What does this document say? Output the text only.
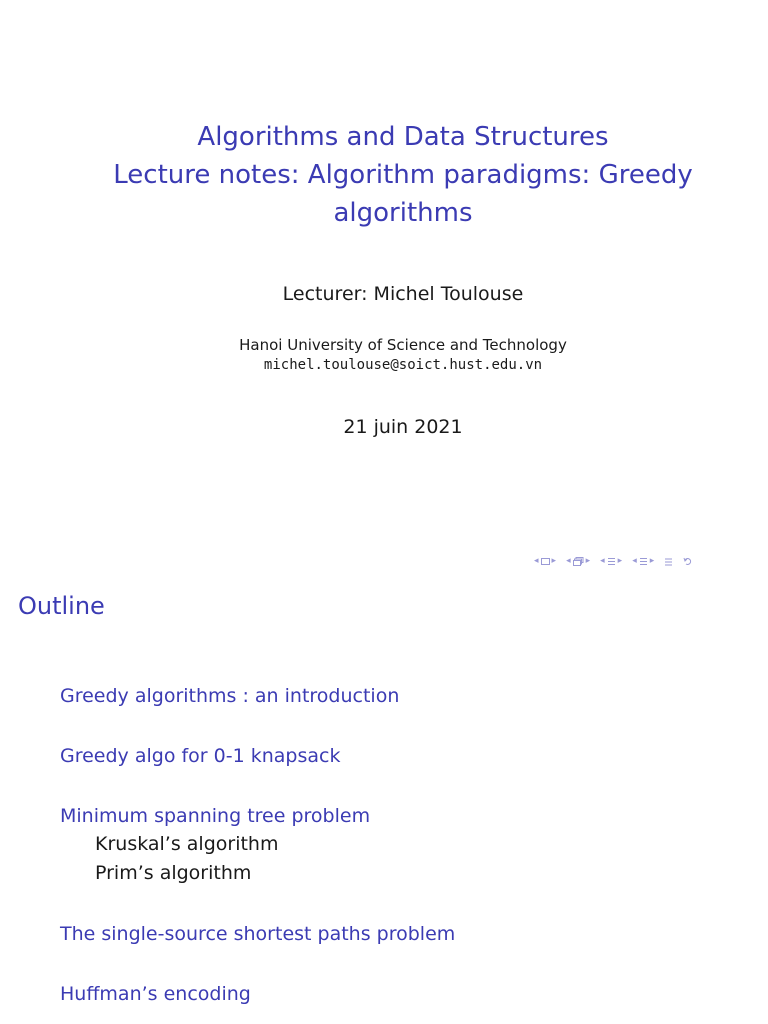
Algorithms and Data Structures
Lecture notes: Algorithm paradigms: Greedy
algorithms
Lecturer: Michel Toulouse
Hanoi University of Science and Technology
michel.toulouse@soict.hust.edu.vn
21 juin 2021
◂ ▸ ◂ ▸ ◂ ▸ ◂ ▸
Outline
Greedy algorithms : an introduction
Greedy algo for 0-1 knapsack
Minimum spanning tree problem
Kruskal’s algorithm
Prim’s algorithm
The single-source shortest paths problem
Huffman’s encoding
